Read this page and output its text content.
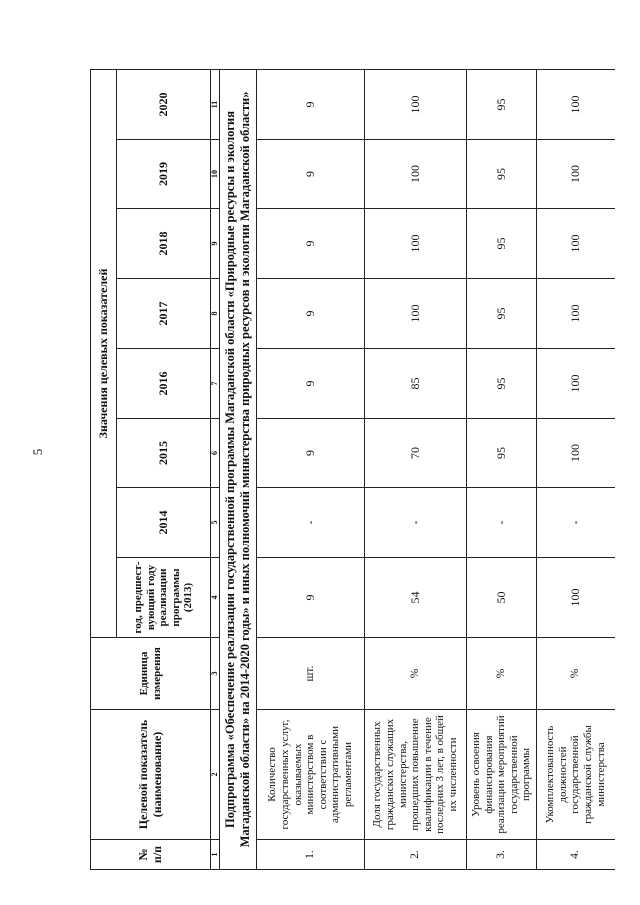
5
№ п/п	Целевой показатель (наименование)	Единица измерения	Значения целевых показателей							
			год, предшест-вующий году реализации программы (2013)	2014	2015	2016	2017	2018	2019	2020
1	2	3	4	5	6	7	8	9	10	11
Подпрограмма «Обеспечение реализации государственной программы Магаданской области «Природные ресурсы и экология Магаданской области» на 2014-2020 годы» и иных полномочий министерства природных ресурсов и экологии Магаданской области»										
1.	Количество государственных услуг, оказываемых министерством в соответствии с административными регламентами	шт.	9	-	9	9	9	9	9	9
2.	Доля государственных гражданских служащих министерства, прошедших повышение квалификации в течение последних 3 лет, в общей их численности	%	54	-	70	85	100	100	100	100
3.	Уровень освоения финансирования реализации мероприятий государственной программы	%	50	-	95	95	95	95	95	95
4.	Укомплектованность должностей государственной гражданской службы министерства	%	100	-	100	100	100	100	100	100
